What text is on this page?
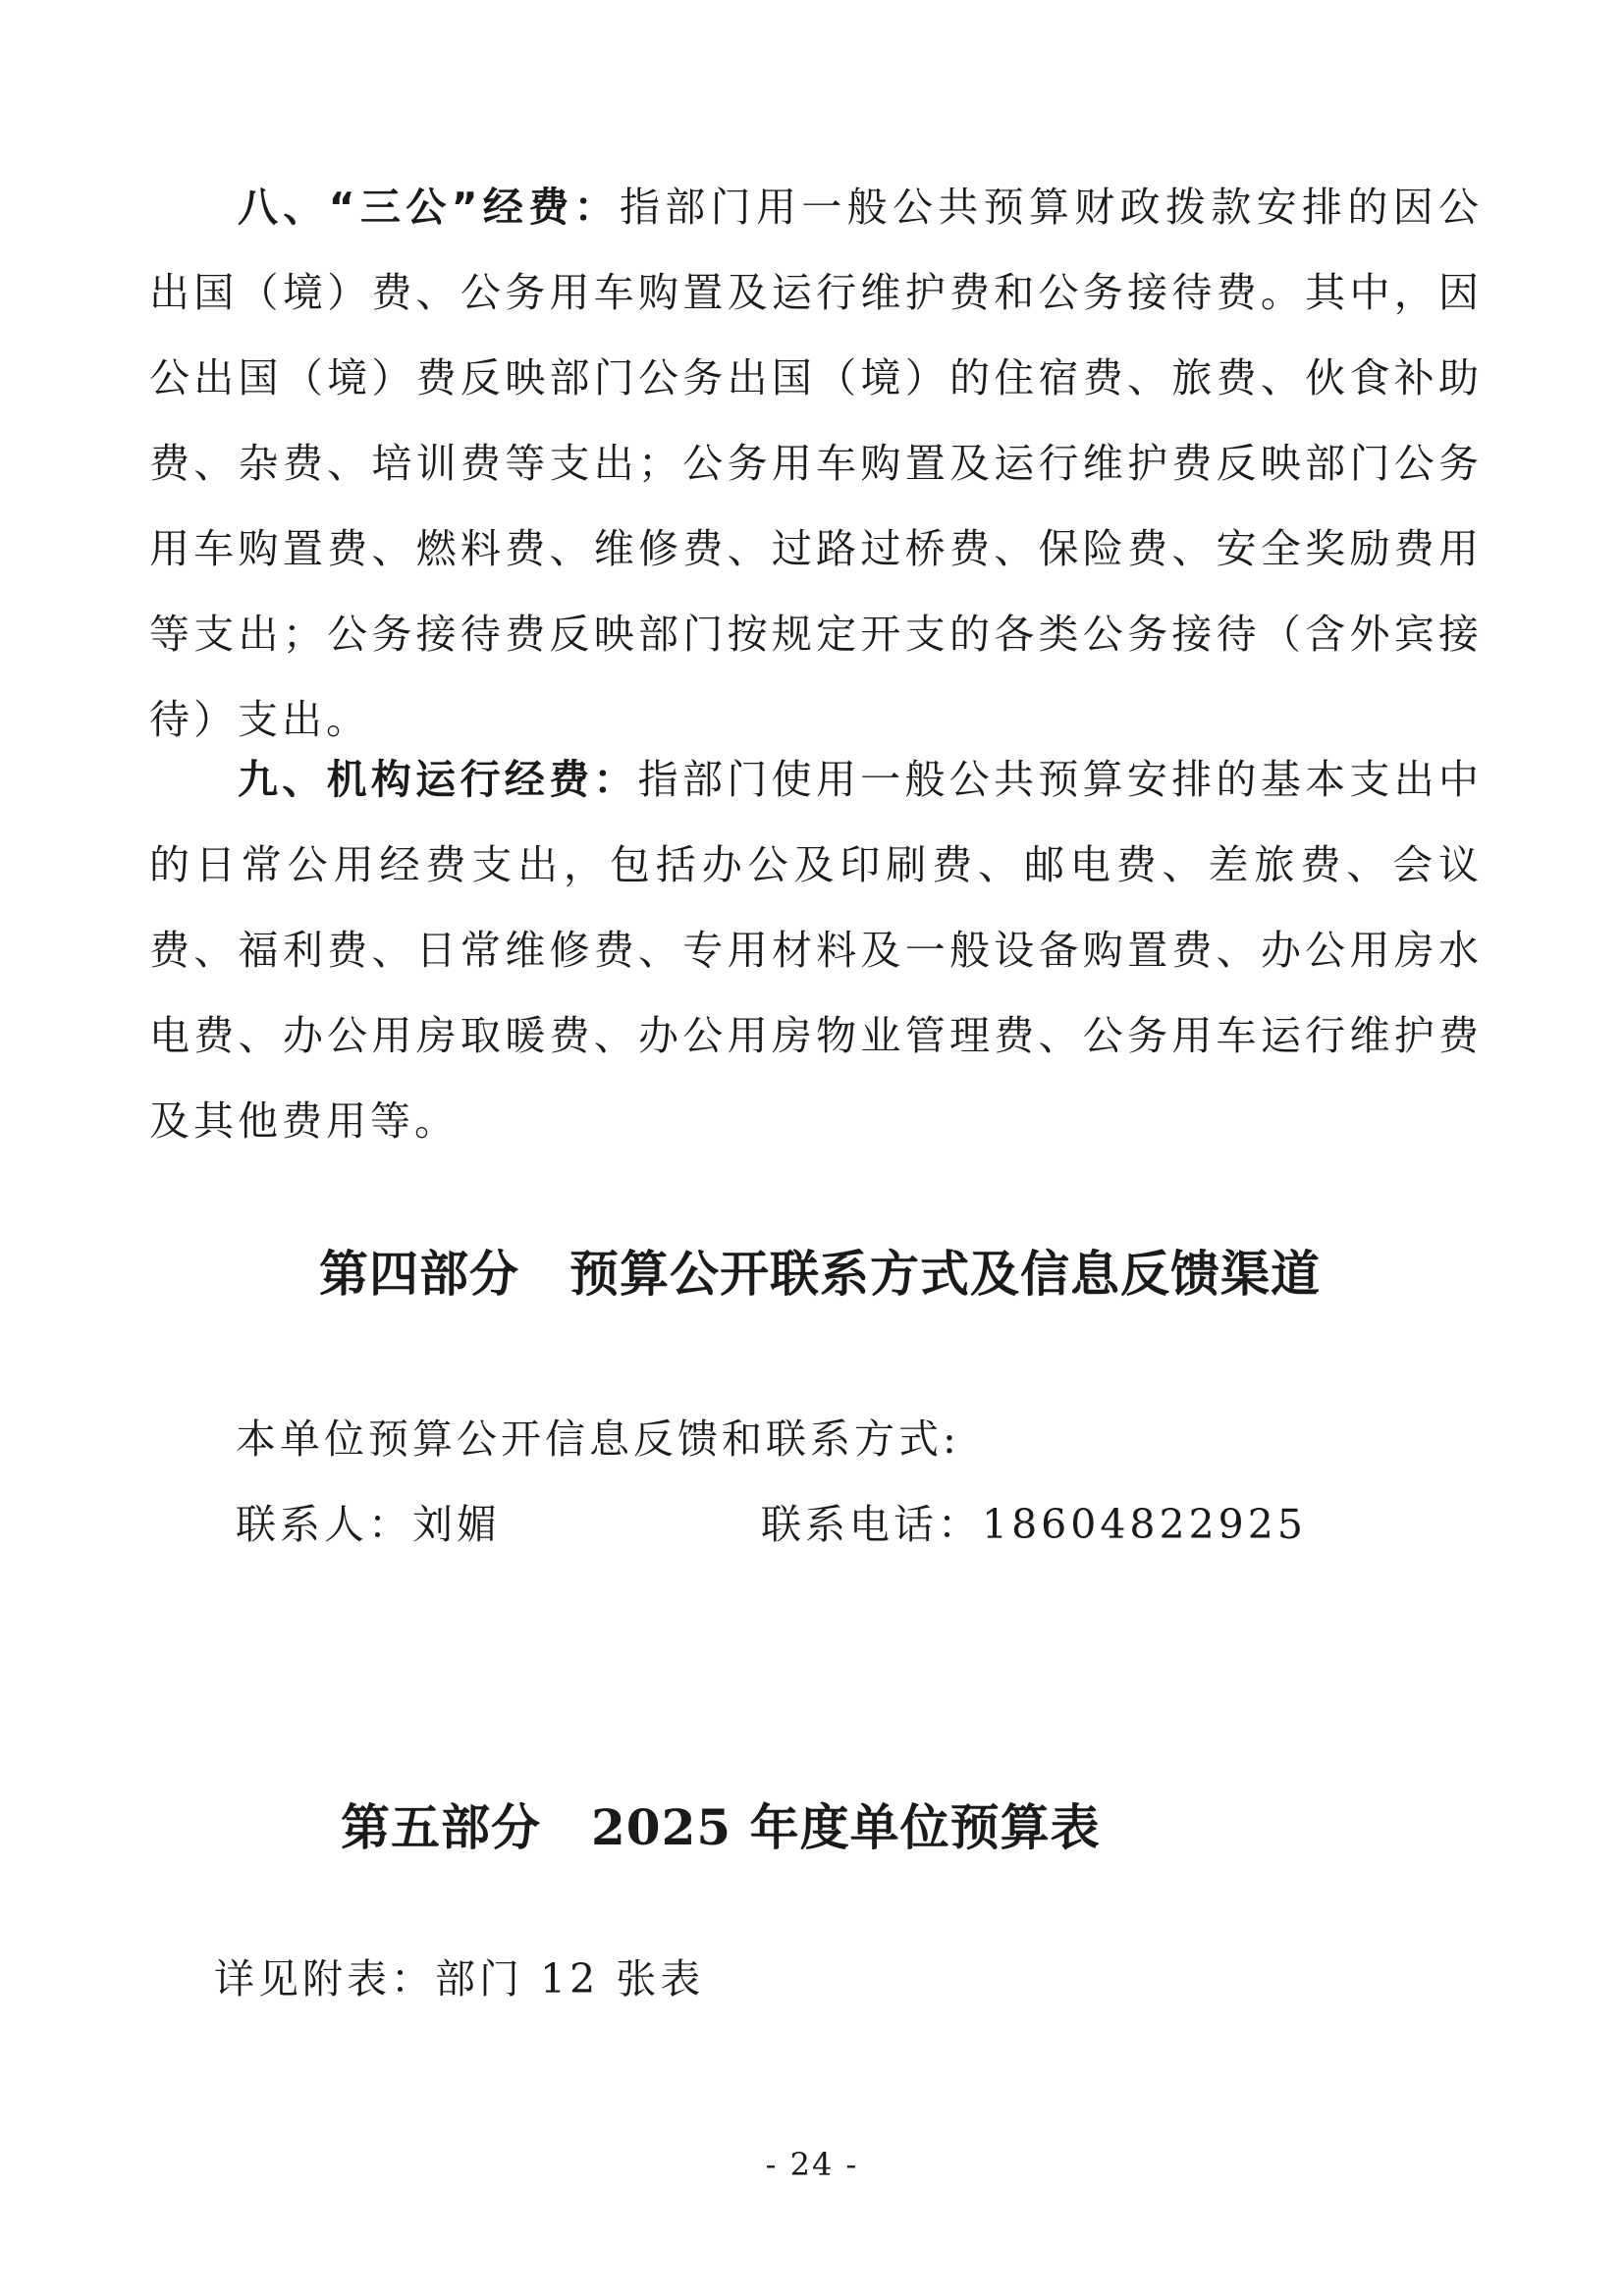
八、“三公”经费：指部门用一般公共预算财政拨款安排的因公出国（境）费、公务用车购置及运行维护费和公务接待费。其中，因公出国（境）费反映部门公务出国（境）的住宿费、旅费、伙食补助费、杂费、培训费等支出；公务用车购置及运行维护费反映部门公务用车购置费、燃料费、维修费、过路过桥费、保险费、安全奖励费用等支出；公务接待费反映部门按规定开支的各类公务接待（含外宾接待）支出。

九、机构运行经费：指部门使用一般公共预算安排的基本支出中的日常公用经费支出，包括办公及印刷费、邮电费、差旅费、会议费、福利费、日常维修费、专用材料及一般设备购置费、办公用房水电费、办公用房取暖费、办公用房物业管理费、公务用车运行维护费及其他费用等。

第四部分　预算公开联系方式及信息反馈渠道

本单位预算公开信息反馈和联系方式:

联系人：刘媚	联系电话：18604822925

第五部分　2025 年度单位预算表

详见附表：部门 12 张表

- 24 -
